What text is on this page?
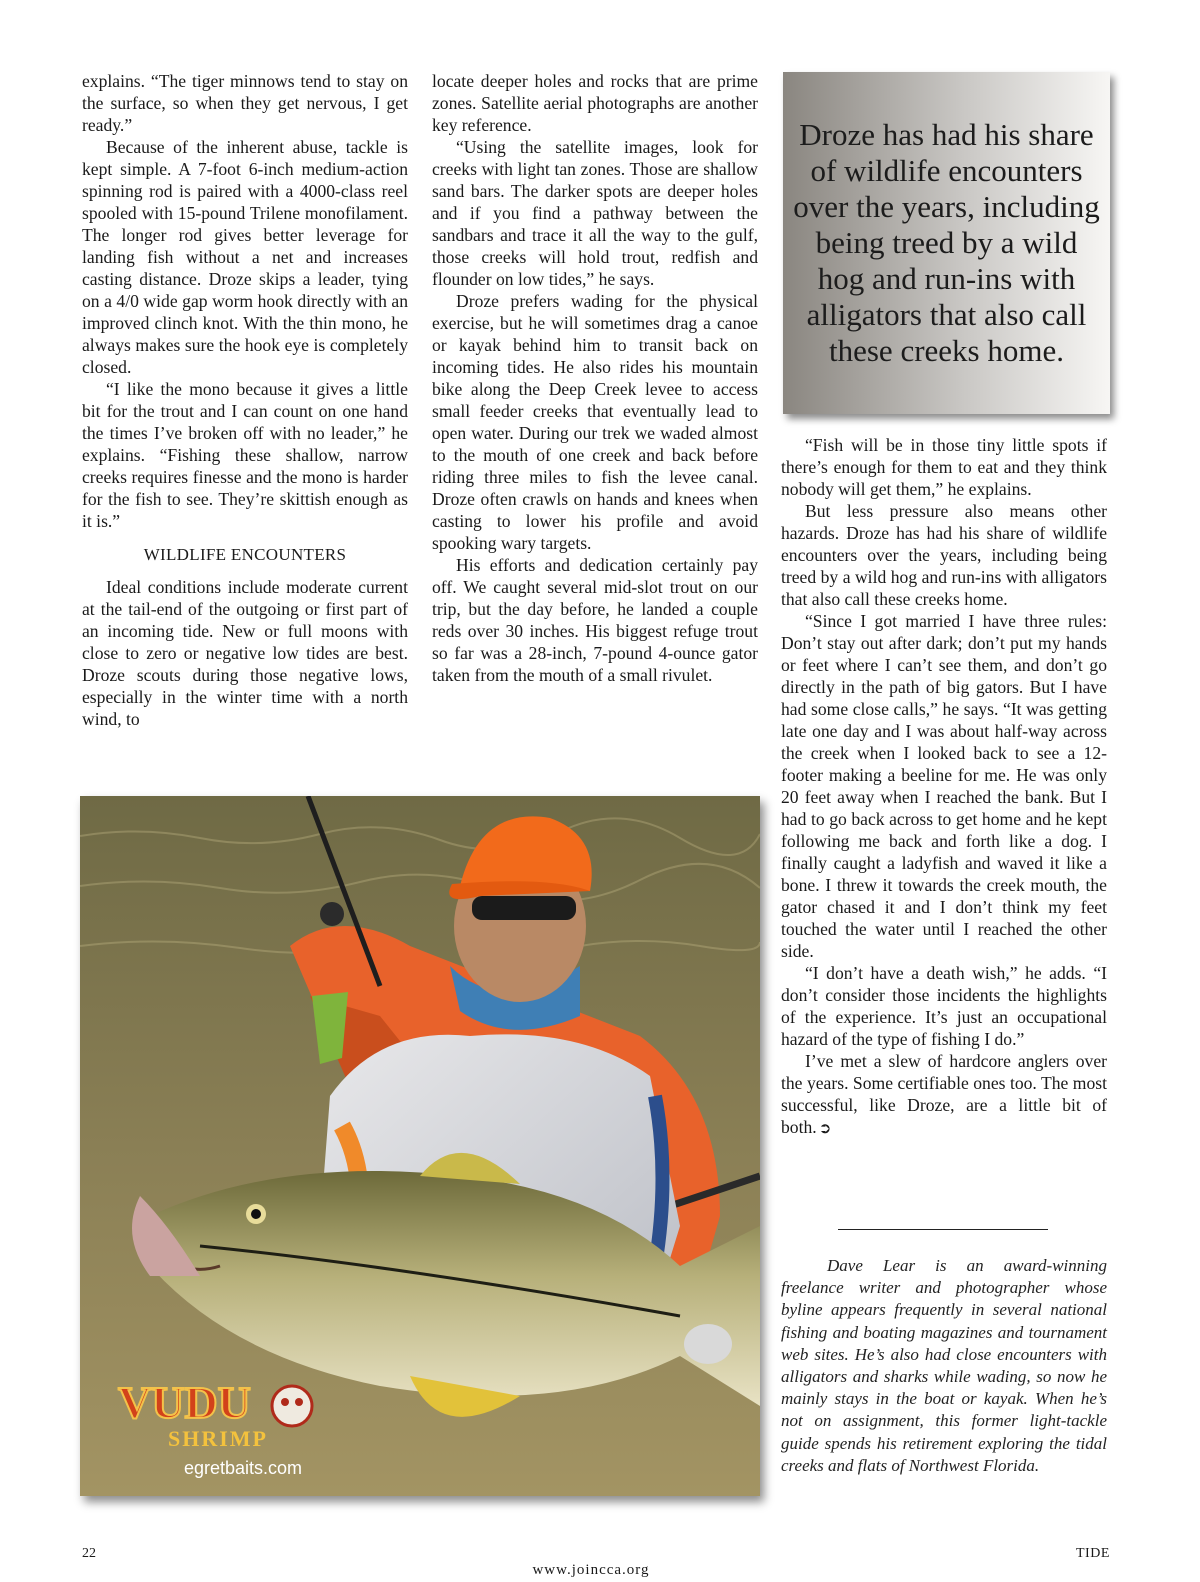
explains. “The tiger minnows tend to stay on the surface, so when they get nervous, I get ready.”

Because of the inherent abuse, tackle is kept simple. A 7-foot 6-inch medium-action spinning rod is paired with a 4000-class reel spooled with 15-pound Trilene monofilament. The longer rod gives better leverage for landing fish without a net and increases casting distance. Droze skips a leader, tying on a 4/0 wide gap worm hook directly with an improved clinch knot. With the thin mono, he always makes sure the hook eye is completely closed.

“I like the mono because it gives a little bit for the trout and I can count on one hand the times I’ve broken off with no leader,” he explains. “Fishing these shallow, narrow creeks requires finesse and the mono is harder for the fish to see. They’re skittish enough as it is.”

WILDLIFE ENCOUNTERS

Ideal conditions include moderate current at the tail-end of the outgoing or first part of an incoming tide. New or full moons with close to zero or negative low tides are best. Droze scouts during those negative lows, especially in the winter time with a north wind, to

locate deeper holes and rocks that are prime zones. Satellite aerial photographs are another key reference.

“Using the satellite images, look for creeks with light tan zones. Those are shallow sand bars. The darker spots are deeper holes and if you find a pathway between the sandbars and trace it all the way to the gulf, those creeks will hold trout, redfish and flounder on low tides,” he says.

Droze prefers wading for the physical exercise, but he will sometimes drag a canoe or kayak behind him to transit back on incoming tides. He also rides his mountain bike along the Deep Creek levee to access small feeder creeks that eventually lead to open water. During our trek we waded almost to the mouth of one creek and back before riding three miles to fish the levee canal. Droze often crawls on hands and knees when casting to lower his profile and avoid spooking wary targets.

His efforts and dedication certainly pay off. We caught several mid-slot trout on our trip, but the day before, he landed a couple reds over 30 inches. His biggest refuge trout so far was a 28-inch, 7-pound 4-ounce gator taken from the mouth of a small rivulet.

Droze has had his share of wildlife encounters over the years, including being treed by a wild hog and run-ins with alligators that also call these creeks home.

“Fish will be in those tiny little spots if there’s enough for them to eat and they think nobody will get them,” he explains.

But less pressure also means other hazards. Droze has had his share of wildlife encounters over the years, including being treed by a wild hog and run-ins with alligators that also call these creeks home.

“Since I got married I have three rules: Don’t stay out after dark; don’t put my hands or feet where I can’t see them, and don’t go directly in the path of big gators. But I have had some close calls,” he says. “It was getting late one day and I was about half-way across the creek when I looked back to see a 12-footer making a beeline for me. He was only 20 feet away when I reached the bank. But I had to go back across to get home and he kept following me back and forth like a dog. I finally caught a ladyfish and waved it like a bone. I threw it towards the creek mouth, the gator chased it and I don’t think my feet touched the water until I reached the other side.

“I don’t have a death wish,” he adds. “I don’t consider those incidents the highlights of the experience. It’s just an occupational hazard of the type of fishing I do.”

I’ve met a slew of hardcore anglers over the years. Some certifiable ones too. The most successful, like Droze, are a little bit of both. ➲

VUDU
SHRIMP
egretbaits.com
Dave Lear is an award-winning freelance writer and photographer whose byline appears frequently in several national fishing and boating magazines and tournament web sites. He’s also had close encounters with alligators and sharks while wading, so now he mainly stays in the boat or kayak. When he’s not on assignment, this former light-tackle guide spends his retirement exploring the tidal creeks and flats of Northwest Florida.
22	TIDE
www.joincca.org
